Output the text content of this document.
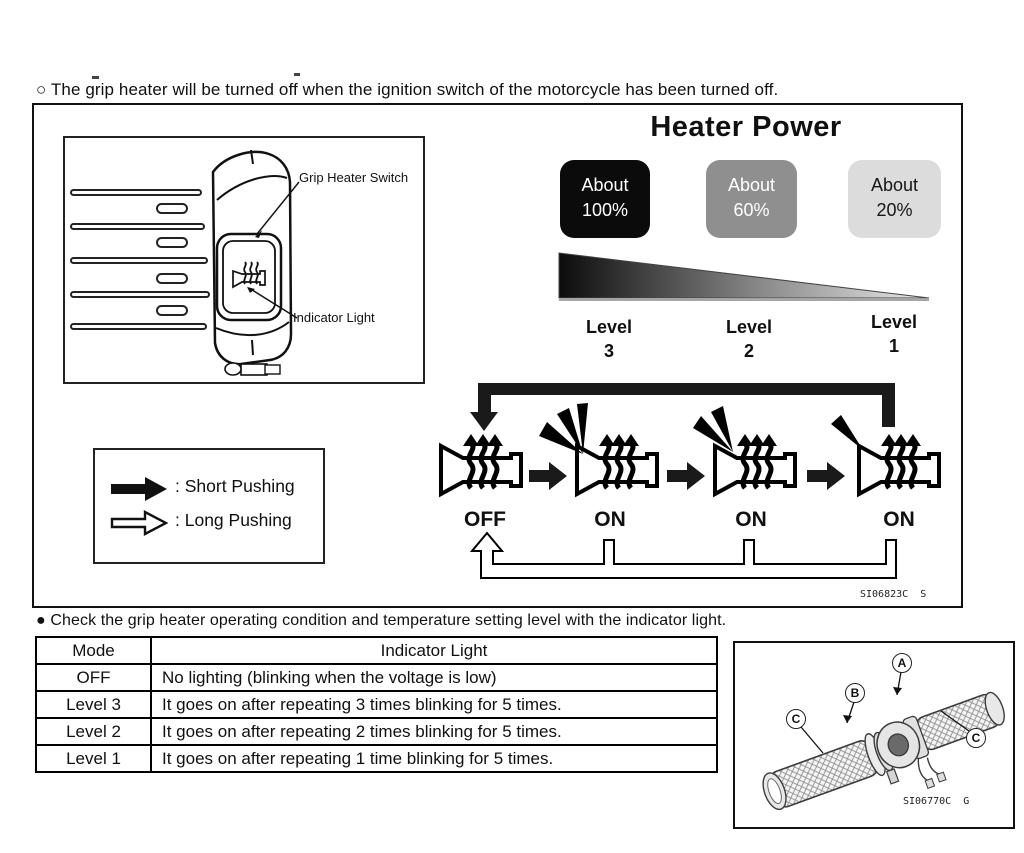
○ The grip heater will be turned off when the ignition switch of the motorcycle has been turned off.
Grip Heater Switch
Indicator Light
Heater Power
About
100%
About
60%
About
20%
Level
3
Level
2
Level
1
OFF	ON	ON	ON
SI06823C  S
: Short Pushing
: Long Pushing
● Check the grip heater operating condition and temperature setting level with the indicator light.
Mode	Indicator Light
OFF	No lighting (blinking when the voltage is low)
Level 3	It goes on after repeating 3 times blinking for 5 times.
Level 2	It goes on after repeating 2 times blinking for 5 times.
Level 1	It goes on after repeating 1 time blinking for 5 times.
A
B
C
C
SI06770C  G
